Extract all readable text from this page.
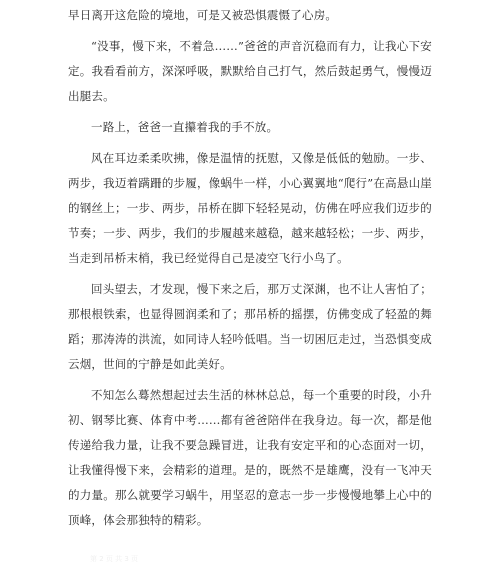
早日离开这危险的境地，可是又被恐惧震慑了心房。

“没事，慢下来，不着急……”爸爸的声音沉稳而有力，让我心下安定。我看看前方，深深呼吸，默默给自己打气，然后鼓起勇气，慢慢迈出腿去。

一路上，爸爸一直攥着我的手不放。

风在耳边柔柔吹拂，像是温情的抚慰，又像是低低的勉励。一步、两步，我迈着蹒跚的步履，像蜗牛一样，小心翼翼地“爬行”在高悬山崖的钢丝上；一步、两步，吊桥在脚下轻轻晃动，仿佛在呼应我们迈步的节奏；一步、两步，我们的步履越来越稳，越来越轻松；一步、两步，当走到吊桥末梢，我已经觉得自己是凌空飞行小鸟了。

回头望去，才发现，慢下来之后，那万丈深渊，也不让人害怕了；那根根铁索，也显得圆润柔和了；那吊桥的摇摆，仿佛变成了轻盈的舞蹈；那涛涛的洪流，如同诗人轻吟低唱。当一切困厄走过，当恐惧变成云烟，世间的宁静是如此美好。

不知怎么蓦然想起过去生活的林林总总，每一个重要的时段，小升初、钢琴比赛、体育中考……都有爸爸陪伴在我身边。每一次，都是他传递给我力量，让我不要急躁冒进，让我有安定平和的心态面对一切，让我懂得慢下来，会精彩的道理。是的，既然不是雄鹰，没有一飞冲天的力量。那么就要学习蜗牛，用坚忍的意志一步一步慢慢地攀上心中的顶峰，体会那独特的精彩。

第 2 页 共 3 页
